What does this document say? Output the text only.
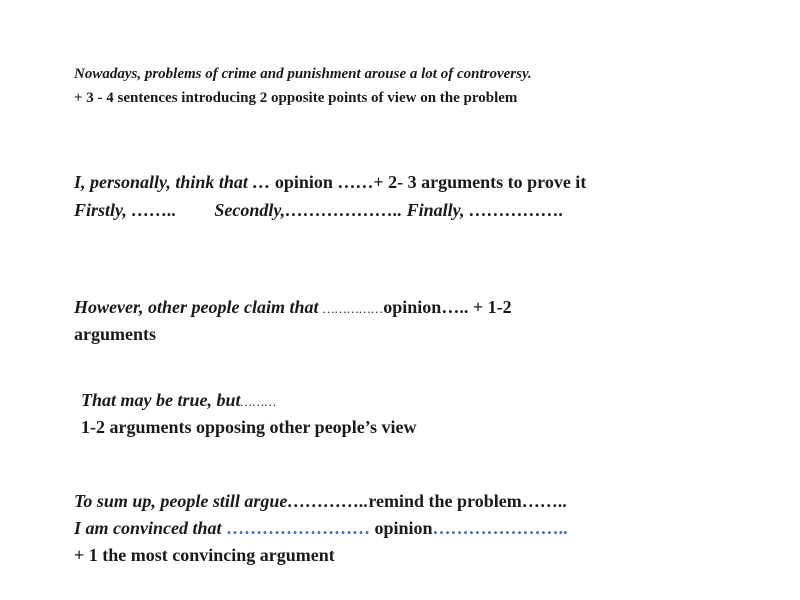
Nowadays, problems of crime and punishment arouse a lot of controversy.

+ 3 - 4 sentences introducing 2 opposite points of view on the problem

I, personally, think that … opinion ……+ 2- 3 arguments to prove it

Firstly, …….. Secondly,……………….. Finally, …………….

However, other people claim that ……………opinion….. + 1-2

arguments

That may be true, but………

1-2 arguments opposing other people’s view

To sum up, people still argue…………..remind the problem……..

I am convinced that …………………… opinion…………………..

+ 1 the most convincing argument
